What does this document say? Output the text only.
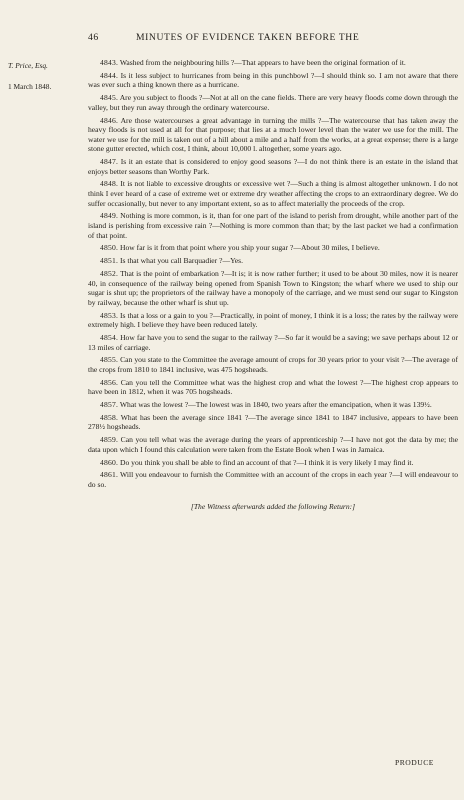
46	MINUTES OF EVIDENCE TAKEN BEFORE THE
T. Price, Esq.
1 March 1848.

4843. Washed from the neighbouring hills ?—That appears to have been the original formation of it.

4844. Is it less subject to hurricanes from being in this punchbowl ?—I should think so. I am not aware that there was ever such a thing known there as a hurricane.

4845. Are you subject to floods ?—Not at all on the cane fields. There are very heavy floods come down through the valley, but they run away through the ordinary watercourse.

4846. Are those watercourses a great advantage in turning the mills ?—The watercourse that has taken away the heavy floods is not used at all for that purpose; that lies at a much lower level than the water we use for the mill. The water we use for the mill is taken out of a hill about a mile and a half from the works, at a great expense; there is a large stone gutter erected, which cost, I think, about 10,000 l. altogether, some years ago.

4847. Is it an estate that is considered to enjoy good seasons ?—I do not think there is an estate in the island that enjoys better seasons than Worthy Park.

4848. It is not liable to excessive droughts or excessive wet ?—Such a thing is almost altogether unknown. I do not think I ever heard of a case of extreme wet or extreme dry weather affecting the crops to an extraordinary degree. We do suffer occasionally, but never to any important extent, so as to affect materially the proceeds of the crop.

4849. Nothing is more common, is it, than for one part of the island to perish from drought, while another part of the island is perishing from excessive rain ?—Nothing is more common than that; by the last packet we had a confirmation of that point.

4850. How far is it from that point where you ship your sugar ?—About 30 miles, I believe.

4851. Is that what you call Barquadier ?—Yes.

4852. That is the point of embarkation ?—It is; it is now rather further; it used to be about 30 miles, now it is nearer 40, in consequence of the railway being opened from Spanish Town to Kingston; the wharf where we used to ship our sugar is shut up; the proprietors of the railway have a monopoly of the carriage, and we must send our sugar to Kingston by railway, because the other wharf is shut up.

4853. Is that a loss or a gain to you ?—Practically, in point of money, I think it is a loss; the rates by the railway were extremely high. I believe they have been reduced lately.

4854. How far have you to send the sugar to the railway ?—So far it would be a saving; we save perhaps about 12 or 13 miles of carriage.

4855. Can you state to the Committee the average amount of crops for 30 years prior to your visit ?—The average of the crops from 1810 to 1841 inclusive, was 475 hogsheads.

4856. Can you tell the Committee what was the highest crop and what the lowest ?—The highest crop appears to have been in 1812, when it was 705 hogsheads.

4857. What was the lowest ?—The lowest was in 1840, two years after the emancipation, when it was 139½.

4858. What has been the average since 1841 ?—The average since 1841 to 1847 inclusive, appears to have been 278½ hogsheads.

4859. Can you tell what was the average during the years of apprenticeship ?—I have not got the data by me; the data upon which I found this calculation were taken from the Estate Book when I was in Jamaica.

4860. Do you think you shall be able to find an account of that ?—I think it is very likely I may find it.

4861. Will you endeavour to furnish the Committee with an account of the crops in each year ?—I will endeavour to do so.

[The Witness afterwards added the following Return:]
PRODUCE
